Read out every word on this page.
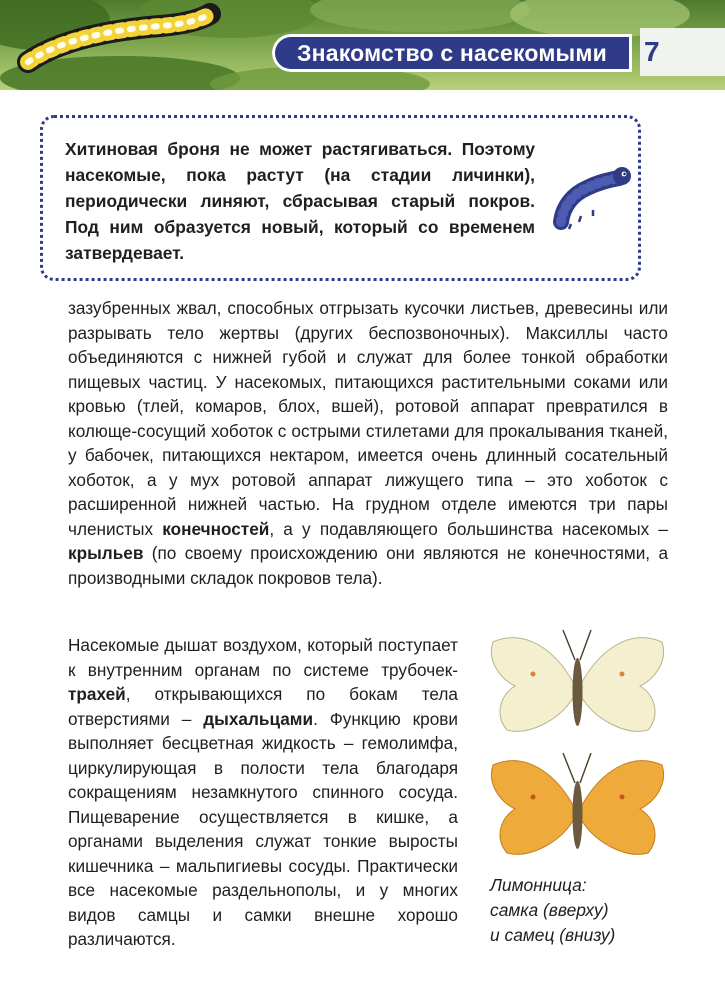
Знакомство с насекомыми 7

Хитиновая броня не может растягиваться. Поэтому насекомые, пока растут (на стадии личинки), периодически линяют, сбрасывая старый покров. Под ним образуется новый, который со временем затвердевает.

зазубренных жвал, способных отгрызать кусочки листьев, древесины или разрывать тело жертвы (других беспозвоночных). Максиллы часто объединяются с нижней губой и служат для более тонкой обработки пищевых частиц. У насекомых, питающихся растительными соками или кровью (тлей, комаров, блох, вшей), ротовой аппарат превратился в колюще-сосущий хоботок с острыми стилетами для прокалывания тканей, у бабочек, питающихся нектаром, имеется очень длинный сосательный хоботок, а у мух ротовой аппарат лижущего типа – это хоботок с расширенной нижней частью. На грудном отделе имеются три пары членистых конечностей, а у подавляющего большинства насекомых – крыльев (по своему происхождению они являются не конечностями, а производными складок покровов тела).

Насекомые дышат воздухом, который поступает к внутренним органам по системе трубочек-трахей, открывающихся по бокам тела отверстиями – дыхальцами. Функцию крови выполняет бесцветная жидкость – гемолимфа, циркулирующая в полости тела благодаря сокращениям незамкнутого спинного сосуда. Пищеварение осуществляется в кишке, а органами выделения служат тонкие выросты кишечника – мальпигиевы сосуды. Практически все насекомые раздельнополы, и у многих видов самцы и самки внешне хорошо различаются.

Лимонница:
самка (вверху)
и самец (внизу)
